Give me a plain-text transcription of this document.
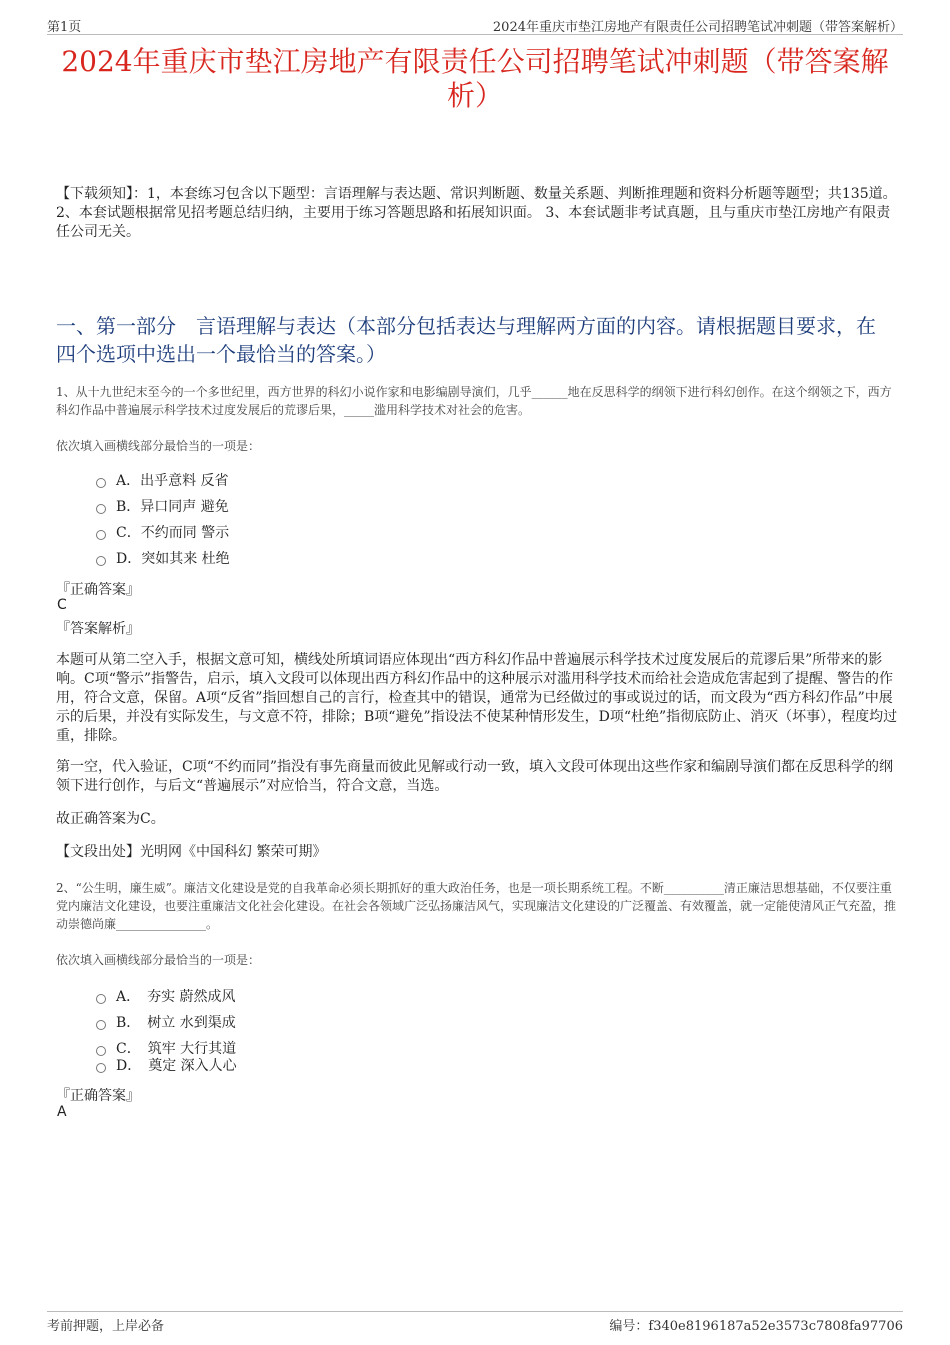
第1页	2024年重庆市垫江房地产有限责任公司招聘笔试冲刺题（带答案解析）
2024年重庆市垫江房地产有限责任公司招聘笔试冲刺题（带答案解析）
【下载须知】：1，本套练习包含以下题型：言语理解与表达题、常识判断题、数量关系题、判断推理题和资料分析题等题型；共135道。 2、本套试题根据常见招考题总结归纳，主要用于练习答题思路和拓展知识面。 3、本套试题非考试真题，且与重庆市垫江房地产有限责任公司无关。
一、第一部分　言语理解与表达（本部分包括表达与理解两方面的内容。请根据题目要求，在四个选项中选出一个最恰当的答案。）
1、从十九世纪末至今的一个多世纪里，西方世界的科幻小说作家和电影编剧导演们，几乎______地在反思科学的纲领下进行科幻创作。在这个纲领之下，西方科幻作品中普遍展示科学技术过度发展后的荒谬后果，_____滥用科学技术对社会的危害。
依次填入画横线部分最恰当的一项是：
A．出乎意料 反省
B．异口同声 避免
C．不约而同 警示
D．突如其来 杜绝
『正确答案』
C
『答案解析』
本题可从第二空入手，根据文意可知，横线处所填词语应体现出“西方科幻作品中普遍展示科学技术过度发展后的荒谬后果”所带来的影响。C项“警示”指警告，启示，填入文段可以体现出西方科幻作品中的这种展示对滥用科学技术而给社会造成危害起到了提醒、警告的作用，符合文意，保留。A项“反省”指回想自己的言行，检查其中的错误，通常为已经做过的事或说过的话，而文段为“西方科幻作品”中展示的后果，并没有实际发生，与文意不符，排除；B项“避免”指设法不使某种情形发生，D项“杜绝”指彻底防止、消灭（坏事），程度均过重，排除。
第一空，代入验证，C项“不约而同”指没有事先商量而彼此见解或行动一致，填入文段可体现出这些作家和编剧导演们都在反思科学的纲领下进行创作，与后文“普遍展示”对应恰当，符合文意，当选。
故正确答案为C。
【文段出处】光明网《中国科幻 繁荣可期》
2、“公生明，廉生威”。廉洁文化建设是党的自我革命必须长期抓好的重大政治任务，也是一项长期系统工程。不断__________清正廉洁思想基础，不仅要注重党内廉洁文化建设，也要注重廉洁文化社会化建设。在社会各领域广泛弘扬廉洁风气，实现廉洁文化建设的广泛覆盖、有效覆盖，就一定能使清风正气充盈，推动崇德尚廉_______________。
依次填入画横线部分最恰当的一项是：
A．　夯实 蔚然成风
B．　树立 水到渠成
C．　筑牢 大行其道
D．　奠定 深入人心
『正确答案』
A
考前押题，上岸必备	编号：f340e8196187a52e3573c7808fa97706
